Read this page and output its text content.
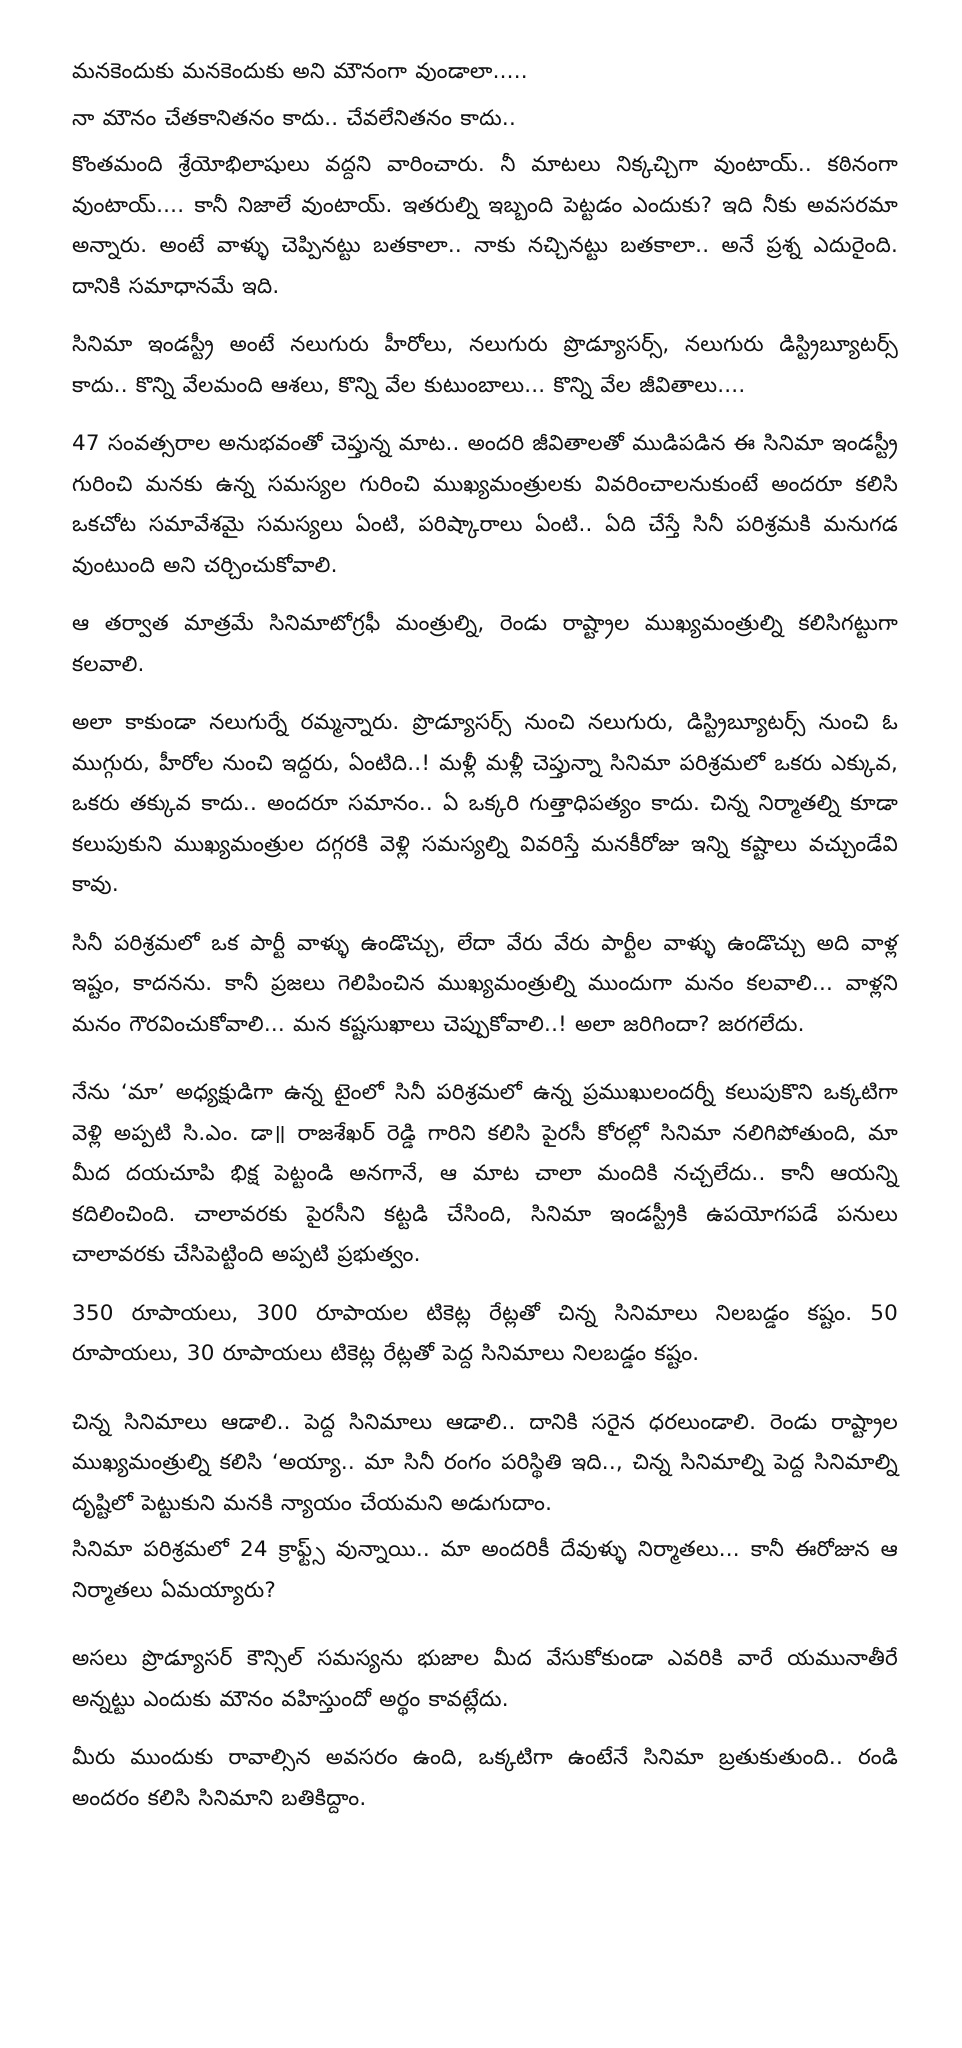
మనకెందుకు మనకెందుకు అని మౌనంగా వుండాలా.....

నా మౌనం చేతకానితనం కాదు.. చేవలేనితనం కాదు..

కొంతమంది శ్రేయోభిలాషులు వద్దని వారించారు. నీ మాటలు నిక్కచ్చిగా వుంటాయ్.. కఠినంగా వుంటాయ్.... కానీ నిజాలే వుంటాయ్. ఇతరుల్ని ఇబ్బంది పెట్టడం ఎందుకు? ఇది నీకు అవసరమా అన్నారు. అంటే వాళ్ళు చెప్పినట్టు బతకాలా.. నాకు నచ్చినట్టు బతకాలా.. అనే ప్రశ్న ఎదురైంది. దానికి సమాధానమే ఇది.

సినిమా ఇండస్ట్రీ అంటే నలుగురు హీరోలు, నలుగురు ప్రొడ్యూసర్స్, నలుగురు డిస్ట్రిబ్యూటర్స్ కాదు.. కొన్ని వేలమంది ఆశలు, కొన్ని వేల కుటుంబాలు... కొన్ని వేల జీవితాలు....

47 సంవత్సరాల అనుభవంతో చెప్తున్న మాట.. అందరి జీవితాలతో ముడిపడిన ఈ సినిమా ఇండస్ట్రీ గురించి మనకు ఉన్న సమస్యల గురించి ముఖ్యమంత్రులకు వివరించాలనుకుంటే అందరూ కలిసి ఒకచోట సమావేశమై సమస్యలు ఏంటి, పరిష్కారాలు ఏంటి.. ఏది చేస్తే సినీ పరిశ్రమకి మనుగడ వుంటుంది అని చర్చించుకోవాలి.

ఆ తర్వాత మాత్రమే సినిమాటోగ్రఫీ మంత్రుల్ని, రెండు రాష్ట్రాల ముఖ్యమంత్రుల్ని కలిసిగట్టుగా కలవాలి.

అలా కాకుండా నలుగుర్నే రమ్మన్నారు. ప్రొడ్యూసర్స్ నుంచి నలుగురు, డిస్ట్రిబ్యూటర్స్ నుంచి ఓ ముగ్గురు, హీరోల నుంచి ఇద్దరు, ఏంటిది..! మళ్లీ మళ్లీ చెప్తున్నా సినిమా పరిశ్రమలో ఒకరు ఎక్కువ, ఒకరు తక్కువ కాదు.. అందరూ సమానం.. ఏ ఒక్కరి గుత్తాధిపత్యం కాదు. చిన్న నిర్మాతల్ని కూడా కలుపుకుని ముఖ్యమంత్రుల దగ్గరకి వెళ్లి సమస్యల్ని వివరిస్తే మనకీరోజు ఇన్ని కష్టాలు వచ్చుండేవి కావు.

సినీ పరిశ్రమలో ఒక పార్టీ వాళ్ళు ఉండొచ్చు, లేదా వేరు వేరు పార్టీల వాళ్ళు ఉండొచ్చు అది వాళ్ల ఇష్టం, కాదనను. కానీ ప్రజలు గెలిపించిన ముఖ్యమంత్రుల్ని ముందుగా మనం కలవాలి... వాళ్లని మనం గౌరవించుకోవాలి... మన కష్టసుఖాలు చెప్పుకోవాలి..! అలా జరిగిందా? జరగలేదు.

నేను ‘మా’ అధ్యక్షుడిగా ఉన్న టైంలో సినీ పరిశ్రమలో ఉన్న ప్రముఖులందర్నీ కలుపుకొని ఒక్కటిగా వెళ్లి అప్పటి సి.ఎం. డా॥ రాజశేఖర్ రెడ్డి గారిని కలిసి పైరసీ కోరల్లో సినిమా నలిగిపోతుంది, మా మీద దయచూపి భిక్ష పెట్టండి అనగానే, ఆ మాట చాలా మందికి నచ్చలేదు.. కానీ ఆయన్ని కదిలించింది. చాలావరకు పైరసీని కట్టడి చేసింది, సినిమా ఇండస్ట్రీకి ఉపయోగపడే పనులు చాలావరకు చేసిపెట్టింది అప్పటి ప్రభుత్వం.

350 రూపాయలు, 300 రూపాయల టికెట్ల రేట్లతో చిన్న సినిమాలు నిలబడ్డం కష్టం. 50 రూపాయలు, 30 రూపాయలు టికెట్ల రేట్లతో పెద్ద సినిమాలు నిలబడ్డం కష్టం.

చిన్న సినిమాలు ఆడాలి.. పెద్ద సినిమాలు ఆడాలి.. దానికి సరైన ధరలుండాలి. రెండు రాష్ట్రాల ముఖ్యమంత్రుల్ని కలిసి ‘అయ్యా.. మా సినీ రంగం పరిస్థితి ఇది.., చిన్న సినిమాల్ని పెద్ద సినిమాల్ని దృష్టిలో పెట్టుకుని మనకి న్యాయం చేయమని అడుగుదాం.

సినిమా పరిశ్రమలో 24 క్రాఫ్ట్స్ వున్నాయి.. మా అందరికీ దేవుళ్ళు నిర్మాతలు... కానీ ఈరోజున ఆ నిర్మాతలు ఏమయ్యారు?

అసలు ప్రొడ్యూసర్ కౌన్సిల్ సమస్యను భుజాల మీద వేసుకోకుండా ఎవరికి వారే యమునాతీరే అన్నట్టు ఎందుకు మౌనం వహిస్తుందో అర్థం కావట్లేదు.

మీరు ముందుకు రావాల్సిన అవసరం ఉంది, ఒక్కటిగా ఉంటేనే సినిమా బ్రతుకుతుంది.. రండి అందరం కలిసి సినిమాని బతికిద్దాం.
